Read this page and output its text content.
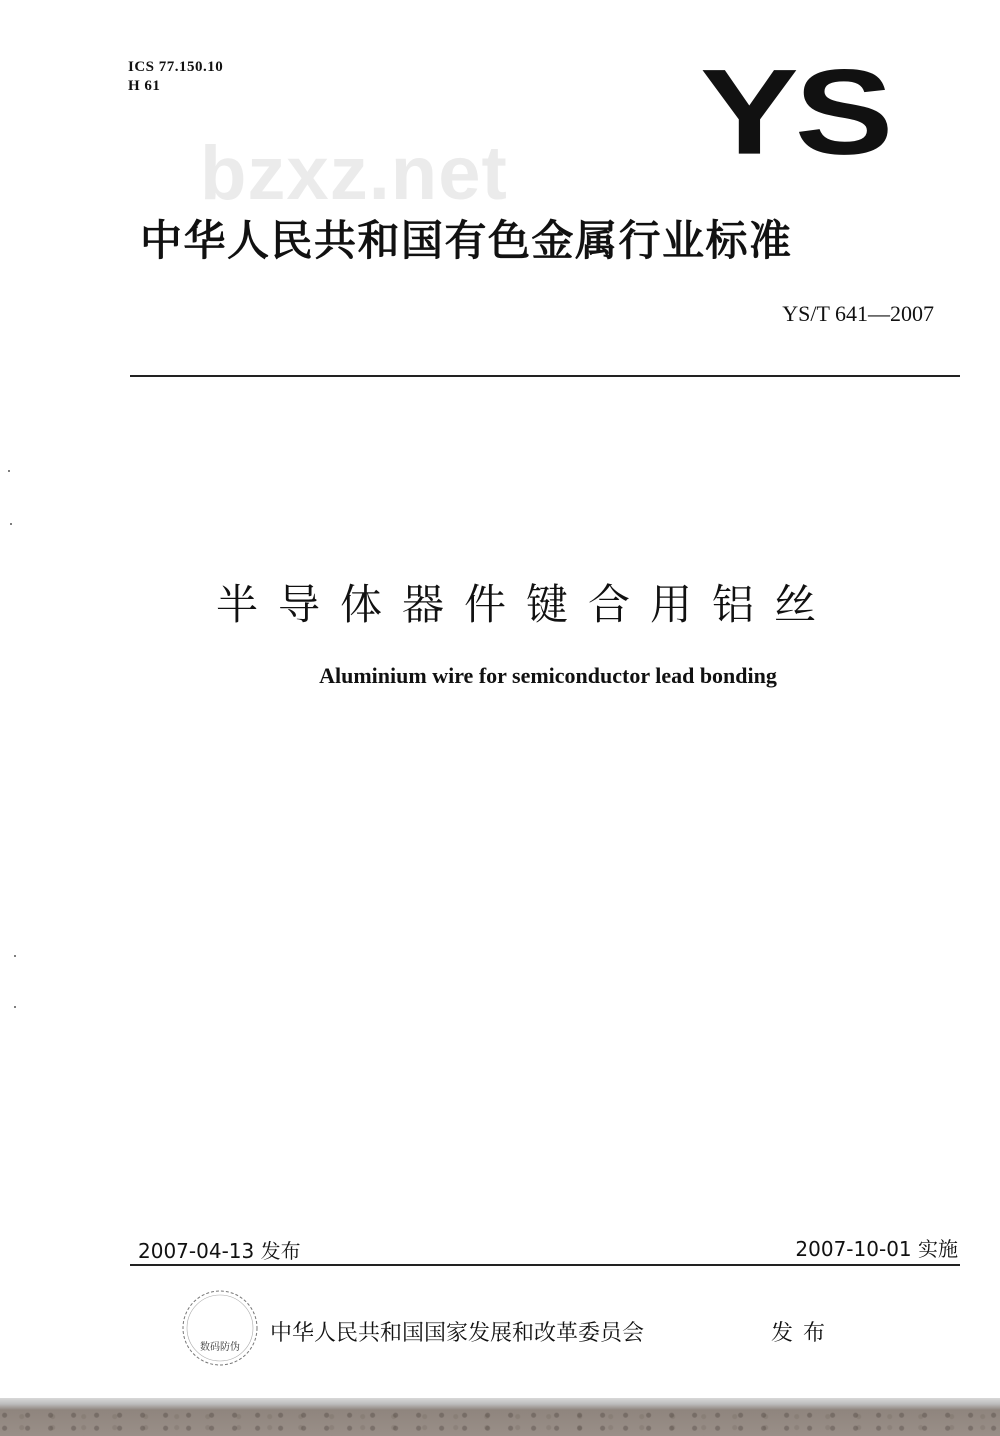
ICS 77.150.10
H 61
bzxz.net YS
中华人民共和国有色金属行业标准
YS/T 641—2007
半导体器件键合用铝丝
Aluminium wire for semiconductor lead bonding
2007-04-13 发布	2007-10-01 实施
数码防伪
中华人民共和国国家发展和改革委员会	发布
